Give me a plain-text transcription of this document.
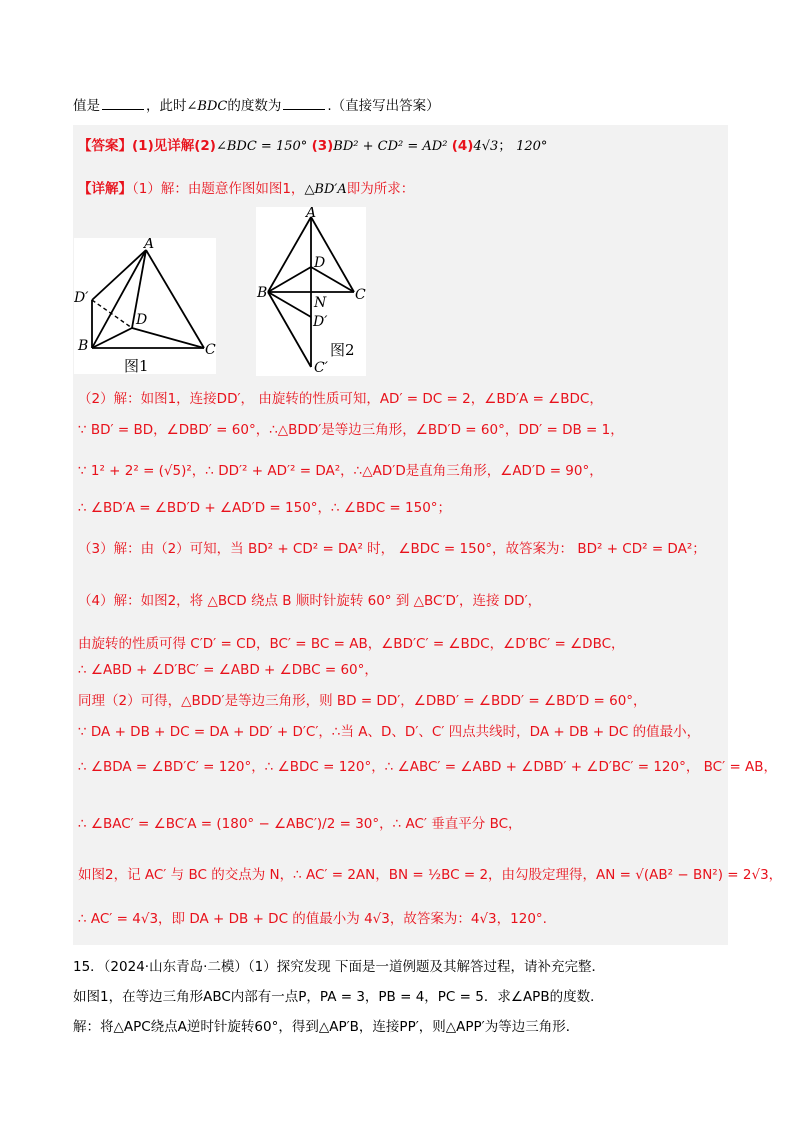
值是	，此时∠BDC的度数为	.（直接写出答案）
【答案】(1)见详解(2)∠BDC = 150° (3)BD² + CD² = AD² (4)4√3； 120°
【详解】（1）解：由题意作图如图1，△BD′A即为所求：
A
D′
D
B	C
图1
A
D
B
N C
D′
C′
图2
（2）解：如图1，连接DD′， 由旋转的性质可知，AD′ = DC = 2，∠BD′A = ∠BDC，
∵ BD′ = BD，∠DBD′ = 60°，∴△BDD′是等边三角形，∠BD′D = 60°，DD′ = DB = 1，
∵ 1² + 2² = (√5)²，∴ DD′² + AD′² = DA²，∴△AD′D是直角三角形，∠AD′D = 90°，
∴ ∠BD′A = ∠BD′D + ∠AD′D = 150°，∴ ∠BDC = 150°；
（3）解：由（2）可知，当 BD² + CD² = DA² 时， ∠BDC = 150°，故答案为： BD² + CD² = DA²；
（4）解：如图2，将 △BCD 绕点 B 顺时针旋转 60° 到 △BC′D′，连接 DD′，
由旋转的性质可得 C′D′ = CD，BC′ = BC = AB，∠BD′C′ = ∠BDC，∠D′BC′ = ∠DBC，
∴ ∠ABD + ∠D′BC′ = ∠ABD + ∠DBC = 60°，
同理（2）可得，△BDD′是等边三角形，则 BD = DD′，∠DBD′ = ∠BDD′ = ∠BD′D = 60°，
∵ DA + DB + DC = DA + DD′ + D′C′，∴当 A、D、D′、C′ 四点共线时，DA + DB + DC 的值最小，
∴ ∠BDA = ∠BD′C′ = 120°，∴ ∠BDC = 120°，∴ ∠ABC′ = ∠ABD + ∠DBD′ + ∠D′BC′ = 120°， BC′ = AB，
∴ ∠BAC′ = ∠BC′A = (180° − ∠ABC′)/2 = 30°，∴ AC′ 垂直平分 BC，
如图2，记 AC′ 与 BC 的交点为 N，∴ AC′ = 2AN，BN = ½BC = 2，由勾股定理得，AN = √(AB² − BN²) = 2√3，
∴ AC′ = 4√3，即 DA + DB + DC 的值最小为 4√3，故答案为：4√3，120°.
15．（2024·山东青岛·二模）（1）探究发现 下面是一道例题及其解答过程，请补充完整．
如图1，在等边三角形ABC内部有一点P，PA = 3，PB = 4，PC = 5．求∠APB的度数．
解：将△APC绕点A逆时针旋转60°，得到△AP′B，连接PP′，则△APP′为等边三角形．
